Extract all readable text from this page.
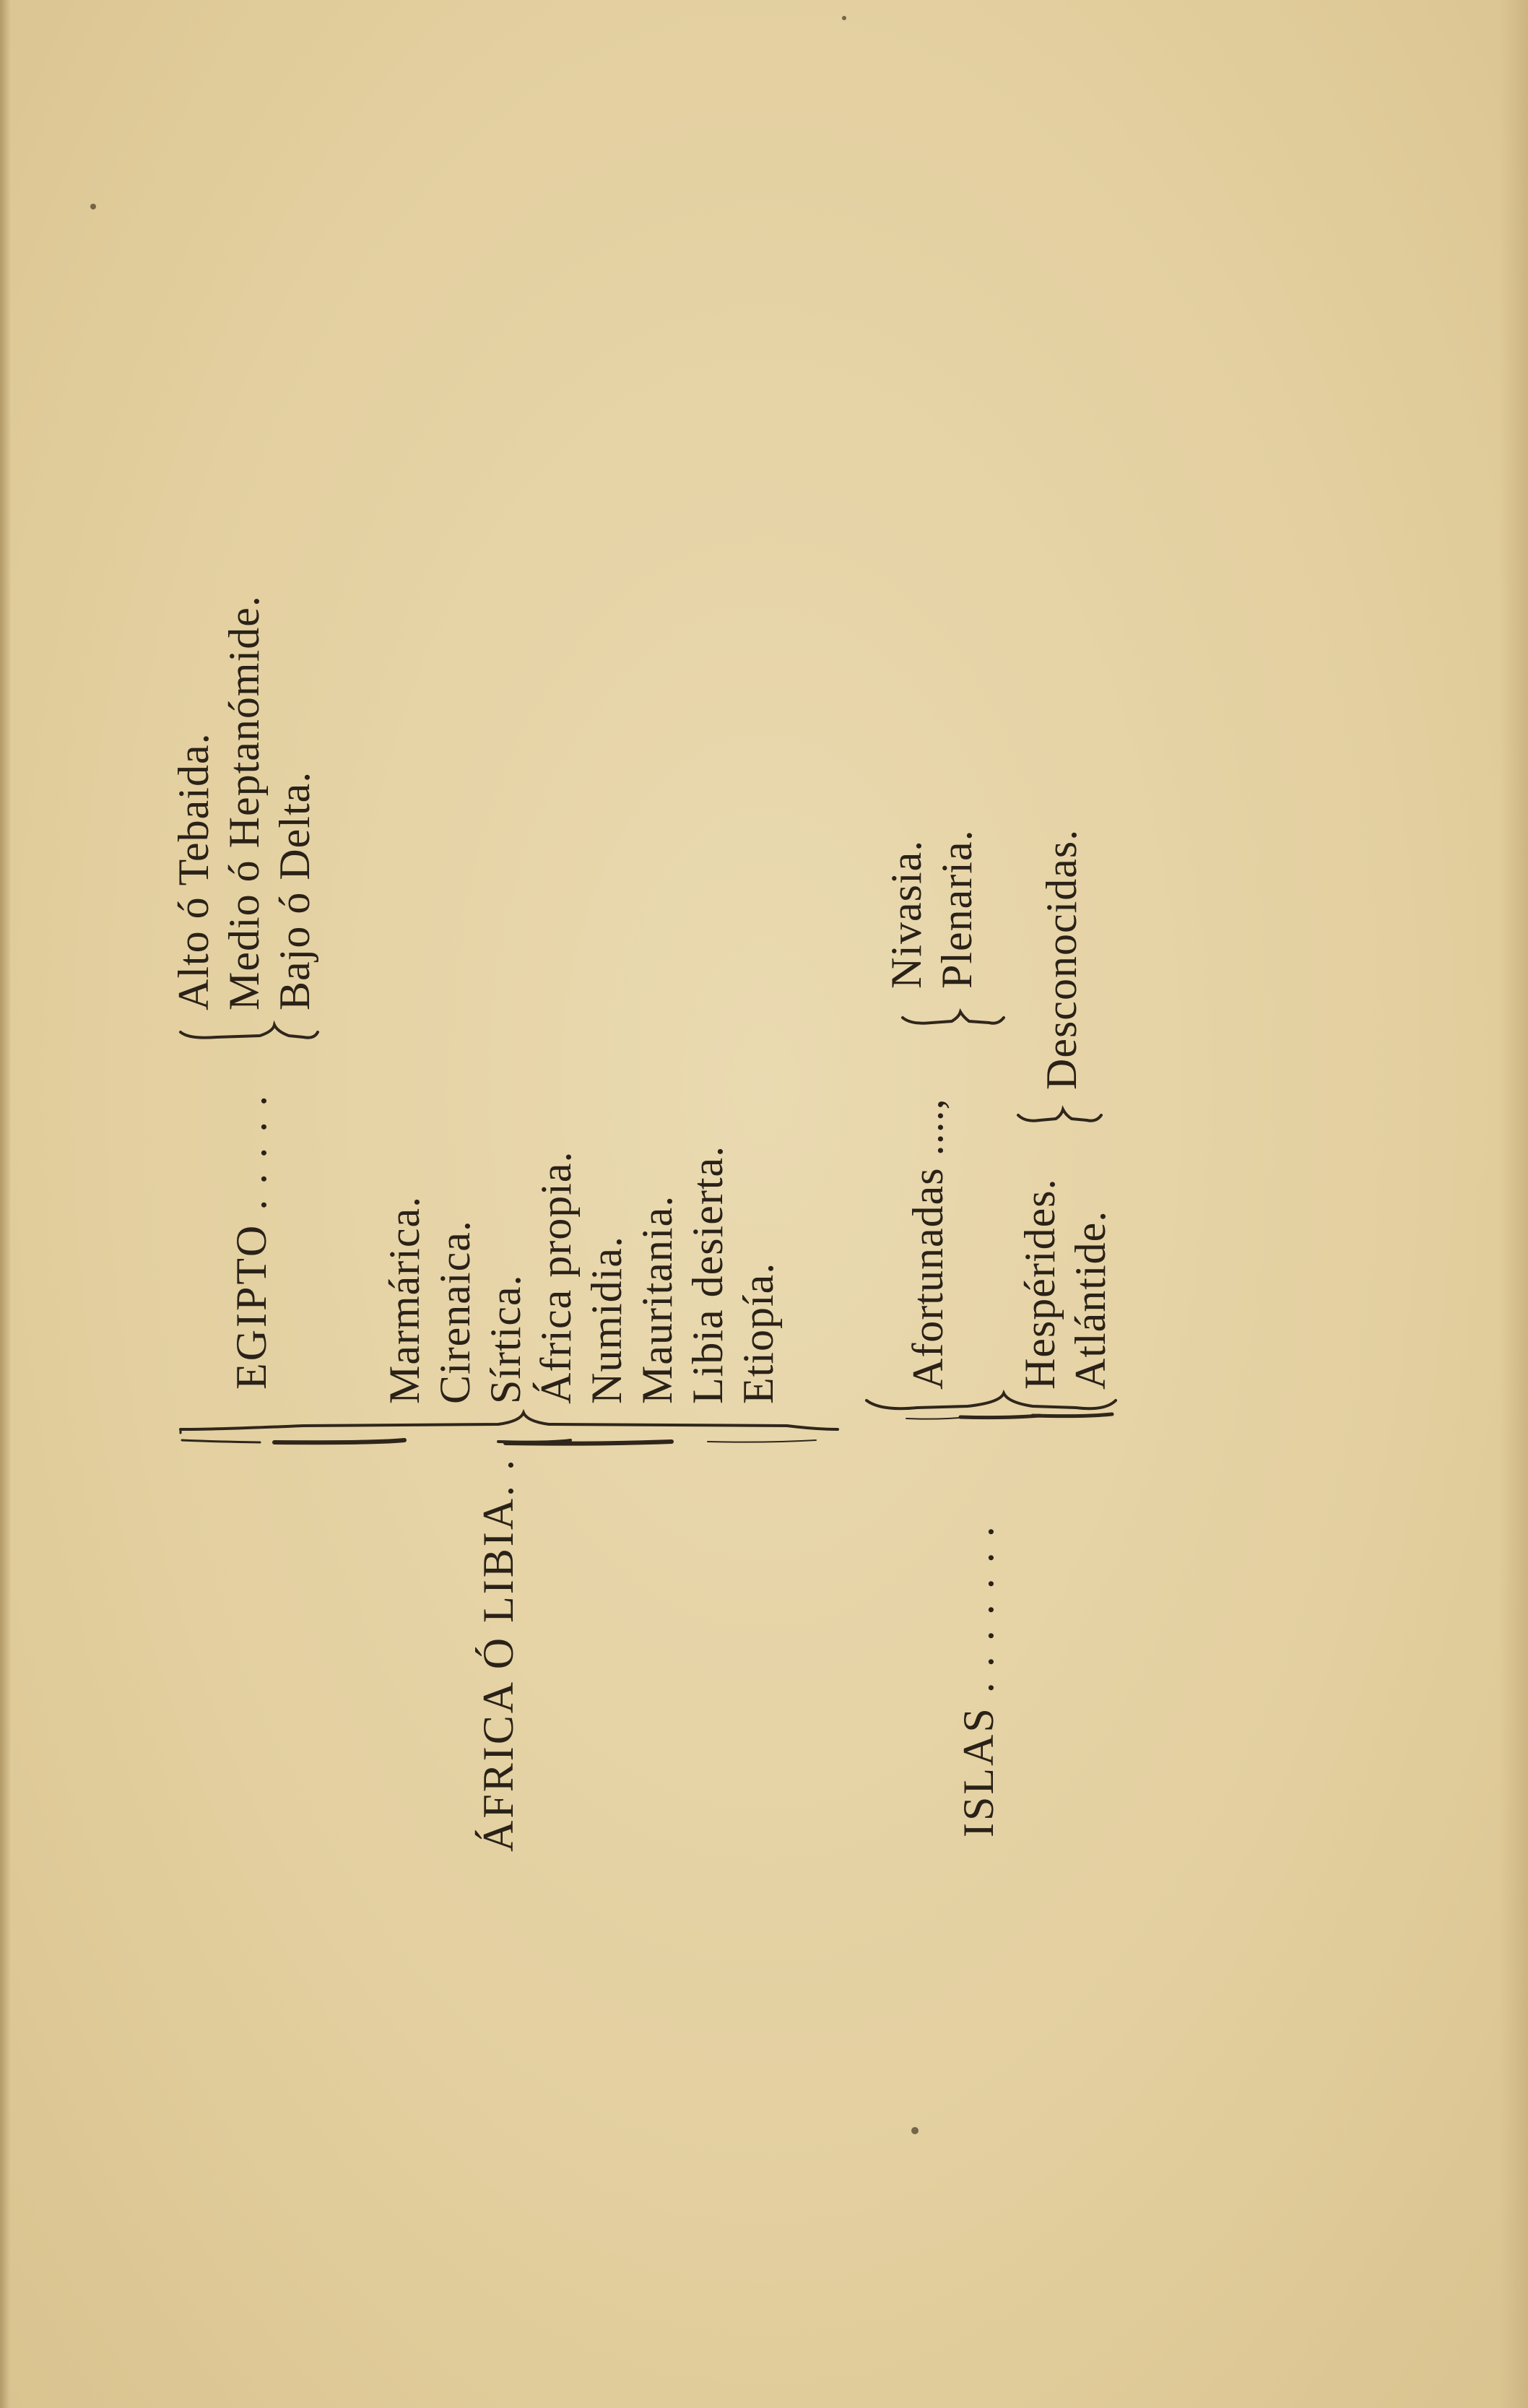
EGIPTO . . . . .
Alto ó Tebaida. Medio ó Heptanómide. Bajo ó Delta.
ÁFRICA Ó LIBIA. .
Marmárica. Cirenaica. Sírtica. África propia. Numidia. Mauritania. Libia desierta. Etiopía.
ISLAS . . . . . . .
Afortunadas ....,
Nivasia. Plenaria.
Hespérides. Atlántide.
Desconocidas.
